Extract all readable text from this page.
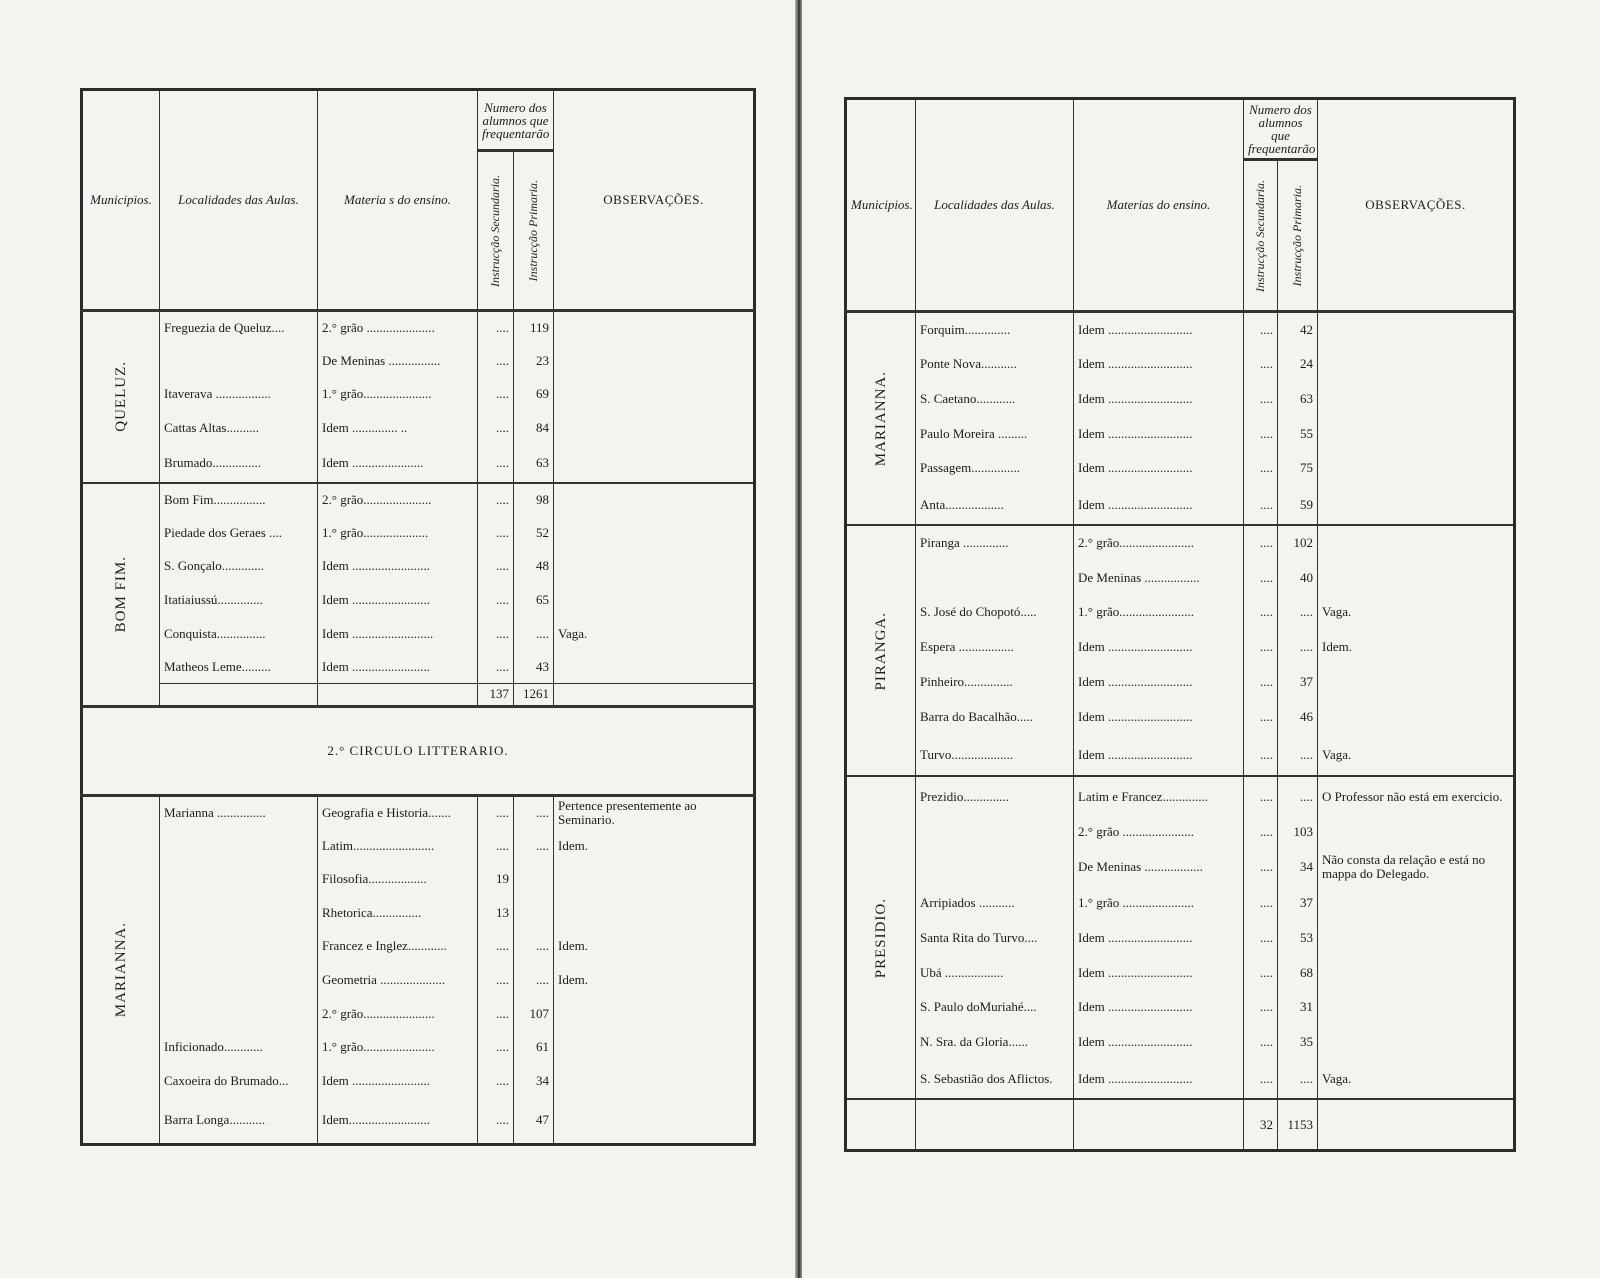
Municipios.	Localidades das Aulas.	Materia s do ensino.	Numero dos alumnos que frequentarão		OBSERVAÇÕES.

			Instrucção Secundaria.	Instrucção Primaria.	

QUELUZ.	Freguezia de Queluz....	2.° grão .....................	....	119	
		De Meninas ................	....	23	
	Itaverava .................	1.° grão.....................	....	69	
	Cattas Altas..........	Idem .............. ..	....	84	
	Brumado...............	Idem ......................	....	63	

BOM FIM.	Bom Fim................	2.° grão.....................	....	98	
	Piedade dos Geraes ....	1.° grão....................	....	52	
	S. Gonçalo.............	Idem ........................	....	48	
	Itatiaiussú..............	Idem ........................	....	65	
	Conquista...............	Idem .........................	....	....	Vaga.
	Matheos Leme.........	Idem ........................	....	43	
			137	1261	
2.° CIRCULO LITTERARIO.					

MARIANNA.	Marianna ...............	Geografia e Historia.......	....	....	Pertence presentemente ao Seminario.
		Latim.........................	....	....	Idem.
		Filosofia..................	19		
		Rhetorica...............	13		
		Francez e Inglez............	....	....	Idem.
		Geometria ....................	....	....	Idem.
		2.° grão......................	....	107	
	Inficionado............	1.° grão......................	....	61	
	Caxoeira do Brumado...	Idem ........................	....	34	
	Barra Longa...........	Idem.........................	....	47	
Municipios.	Localidades das Aulas.	Materias do ensino.	Numero dos alumnos que frequentarão		OBSERVAÇÕES.

			Instrucção Secundaria.	Instrucção Primaria.	

MARIANNA.	Forquim..............	Idem ..........................	....	42	
	Ponte Nova...........	Idem ..........................	....	24	
	S. Caetano............	Idem ..........................	....	63	
	Paulo Moreira .........	Idem ..........................	....	55	
	Passagem...............	Idem ..........................	....	75	
	Anta..................	Idem ..........................	....	59	

PIRANGA.	Piranga ..............	2.° grão.......................	....	102	
		De Meninas .................	....	40	
	S. José do Chopotó.....	1.° grão.......................	....	....	Vaga.
	Espera .................	Idem ..........................	....	....	Idem.
	Pinheiro...............	Idem ..........................	....	37	
	Barra do Bacalhão.....	Idem ..........................	....	46	
	Turvo...................	Idem ..........................	....	....	Vaga.

PRESIDIO.	Prezidio..............	Latim e Francez..............	....	....	O Professor não está em exercicio.
		2.° grão ......................	....	103	
		De Meninas ..................	....	34	Não consta da relação e está no mappa do Delegado.
	Arripiados ...........	1.° grão ......................	....	37	
	Santa Rita do Turvo....	Idem ..........................	....	53	
	Ubá ..................	Idem ..........................	....	68	
	S. Paulo doMuriahé....	Idem ..........................	....	31	
	N. Sra. da Gloria......	Idem ..........................	....	35	
	S. Sebastião dos Aflictos.	Idem ..........................	....	....	Vaga.
			32	1153	
